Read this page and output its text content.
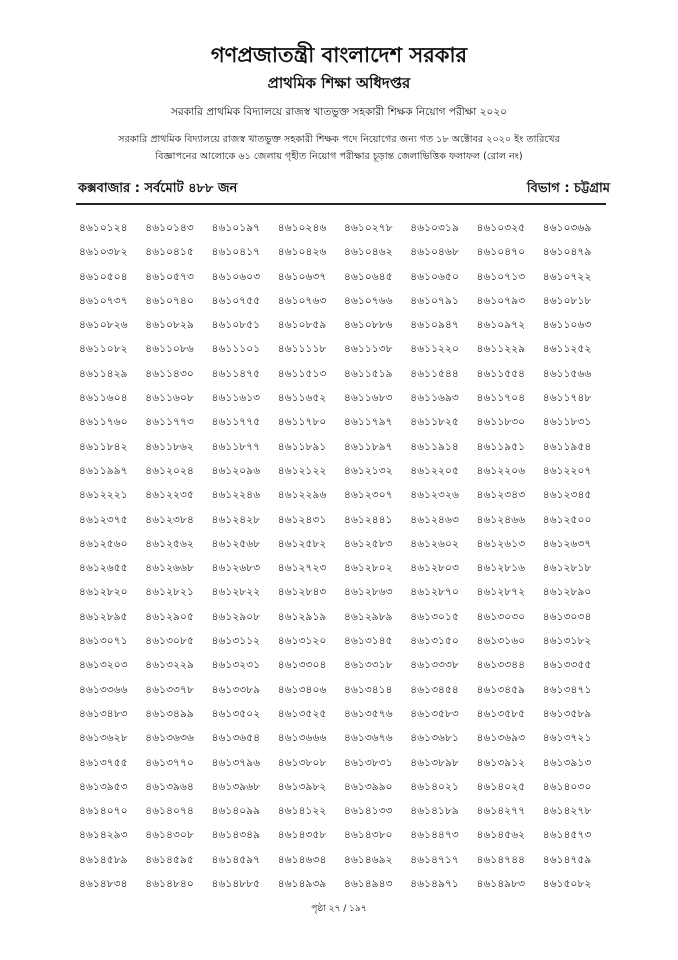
গণপ্রজাতন্ত্রী বাংলাদেশ সরকার
প্রাথমিক শিক্ষা অধিদপ্তর
সরকারি প্রাথমিক বিদ্যালয়ে রাজস্ব খাতভুক্ত সহকারী শিক্ষক নিয়োগ পরীক্ষা ২০২০
সরকারি প্রাথমিক বিদ্যালয়ে রাজস্ব খাতভুক্ত সহকারী শিক্ষক পদে নিয়োগের জন্য গত ১৮ অক্টোবর ২০২০ ইং তারিখের
বিজ্ঞাপনের আলোকে ৬১ জেলায় গৃহীত নিয়োগ পরীক্ষার চূড়ান্ত জেলাভিত্তিক ফলাফল (রোল নং)
কক্সবাজার : সর্বমোট ৪৮৮ জন	বিভাগ : চট্টগ্রাম
৪৬১০১২৪	৪৬১০১৪৩	৪৬১০১৯৭	৪৬১০২৪৬	৪৬১০২৭৮	৪৬১০৩১৯	৪৬১০৩২৫	৪৬১০৩৬৯
৪৬১০৩৮২	৪৬১০৪১৫	৪৬১০৪১৭	৪৬১০৪২৬	৪৬১০৪৬২	৪৬১০৪৬৮	৪৬১০৪৭০	৪৬১০৪৭৯
৪৬১০৫০৪	৪৬১০৫৭৩	৪৬১০৬০৩	৪৬১০৬৩৭	৪৬১০৬৪৫	৪৬১০৬৫০	৪৬১০৭১৩	৪৬১০৭২২
৪৬১০৭৩৭	৪৬১০৭৪০	৪৬১০৭৫৫	৪৬১০৭৬৩	৪৬১০৭৬৬	৪৬১০৭৯১	৪৬১০৭৯৩	৪৬১০৮১৮
৪৬১০৮২৬	৪৬১০৮২৯	৪৬১০৮৫১	৪৬১০৮৫৯	৪৬১০৮৮৬	৪৬১০৯৪৭	৪৬১০৯৭২	৪৬১১০৬৩
৪৬১১০৮২	৪৬১১০৮৬	৪৬১১১০১	৪৬১১১১৮	৪৬১১১৩৮	৪৬১১২২০	৪৬১১২২৯	৪৬১১২৫২
৪৬১১৪২৯	৪৬১১৪৩০	৪৬১১৪৭৫	৪৬১১৫১৩	৪৬১১৫১৯	৪৬১১৫৪৪	৪৬১১৫৫৪	৪৬১১৫৬৬
৪৬১১৬০৪	৪৬১১৬০৮	৪৬১১৬১৩	৪৬১১৬৫২	৪৬১১৬৮৩	৪৬১১৬৯৩	৪৬১১৭০৪	৪৬১১৭৪৮
৪৬১১৭৬০	৪৬১১৭৭৩	৪৬১১৭৭৫	৪৬১১৭৮০	৪৬১১৭৯৭	৪৬১১৮২৫	৪৬১১৮৩০	৪৬১১৮৩১
৪৬১১৮৪২	৪৬১১৮৬২	৪৬১১৮৭৭	৪৬১১৮৯১	৪৬১১৮৯৭	৪৬১১৯১৪	৪৬১১৯৫১	৪৬১১৯৫৪
৪৬১১৯৯৭	৪৬১২০২৪	৪৬১২০৯৬	৪৬১২১২২	৪৬১২১৩২	৪৬১২২০৫	৪৬১২২০৬	৪৬১২২০৭
৪৬১২২২১	৪৬১২২৩৫	৪৬১২২৪৬	৪৬১২২৯৬	৪৬১২৩০৭	৪৬১২৩২৬	৪৬১২৩৪৩	৪৬১২৩৪৫
৪৬১২৩৭৫	৪৬১২৩৮৪	৪৬১২৪২৮	৪৬১২৪৩১	৪৬১২৪৪১	৪৬১২৪৬৩	৪৬১২৪৬৬	৪৬১২৫০০
৪৬১২৫৬০	৪৬১২৫৬২	৪৬১২৫৬৮	৪৬১২৫৮২	৪৬১২৫৮৩	৪৬১২৬০২	৪৬১২৬১৩	৪৬১২৬৩৭
৪৬১২৬৫৫	৪৬১২৬৬৮	৪৬১২৬৮৩	৪৬১২৭২৩	৪৬১২৮০২	৪৬১২৮০৩	৪৬১২৮১৬	৪৬১২৮১৮
৪৬১২৮২০	৪৬১২৮২১	৪৬১২৮২২	৪৬১২৮৪৩	৪৬১২৮৬৩	৪৬১২৮৭০	৪৬১২৮৭২	৪৬১২৮৯০
৪৬১২৮৯৫	৪৬১২৯০৫	৪৬১২৯০৮	৪৬১২৯১৯	৪৬১২৯৮৯	৪৬১৩০১৫	৪৬১৩০৩০	৪৬১৩০৩৪
৪৬১৩০৭১	৪৬১৩০৮৫	৪৬১৩১১২	৪৬১৩১২০	৪৬১৩১৪৫	৪৬১৩১৫০	৪৬১৩১৬০	৪৬১৩১৮২
৪৬১৩২০৩	৪৬১৩২২৯	৪৬১৩২৩১	৪৬১৩৩০৪	৪৬১৩৩১৮	৪৬১৩৩৩৮	৪৬১৩৩৪৪	৪৬১৩৩৫৫
৪৬১৩৩৬৬	৪৬১৩৩৭৮	৪৬১৩৩৮৯	৪৬১৩৪০৬	৪৬১৩৪১৪	৪৬১৩৪৫৪	৪৬১৩৪৫৯	৪৬১৩৪৭১
৪৬১৩৪৮৩	৪৬১৩৪৯৯	৪৬১৩৫০২	৪৬১৩৫২৫	৪৬১৩৫৭৬	৪৬১৩৫৮৩	৪৬১৩৫৮৫	৪৬১৩৫৮৯
৪৬১৩৬২৮	৪৬১৩৬৩৬	৪৬১৩৬৫৪	৪৬১৩৬৬৬	৪৬১৩৬৭৬	৪৬১৩৬৮১	৪৬১৩৬৯৩	৪৬১৩৭২১
৪৬১৩৭৫৫	৪৬১৩৭৭০	৪৬১৩৭৯৬	৪৬১৩৮০৮	৪৬১৩৮৩১	৪৬১৩৮৯৮	৪৬১৩৯১২	৪৬১৩৯১৩
৪৬১৩৯৫৩	৪৬১৩৯৬৪	৪৬১৩৯৬৮	৪৬১৩৯৮২	৪৬১৩৯৯০	৪৬১৪০২১	৪৬১৪০২৫	৪৬১৪০৩০
৪৬১৪০৭০	৪৬১৪০৭৪	৪৬১৪০৯৯	৪৬১৪১২২	৪৬১৪১৩৩	৪৬১৪১৮৯	৪৬১৪২৭৭	৪৬১৪২৭৮
৪৬১৪২৯৩	৪৬১৪৩০৮	৪৬১৪৩৪৯	৪৬১৪৩৫৮	৪৬১৪৩৮০	৪৬১৪৪৭৩	৪৬১৪৫৬২	৪৬১৪৫৭৩
৪৬১৪৫৮৯	৪৬১৪৫৯৫	৪৬১৪৫৯৭	৪৬১৪৬৩৪	৪৬১৪৬৯২	৪৬১৪৭১৭	৪৬১৪৭৪৪	৪৬১৪৭৫৯
৪৬১৪৮৩৪	৪৬১৪৮৪০	৪৬১৪৮৮৫	৪৬১৪৯৩৯	৪৬১৪৯৪৩	৪৬১৪৯৭১	৪৬১৪৯৮৩	৪৬১৫০৮২
পৃষ্ঠা ২৭ / ১৯৭
